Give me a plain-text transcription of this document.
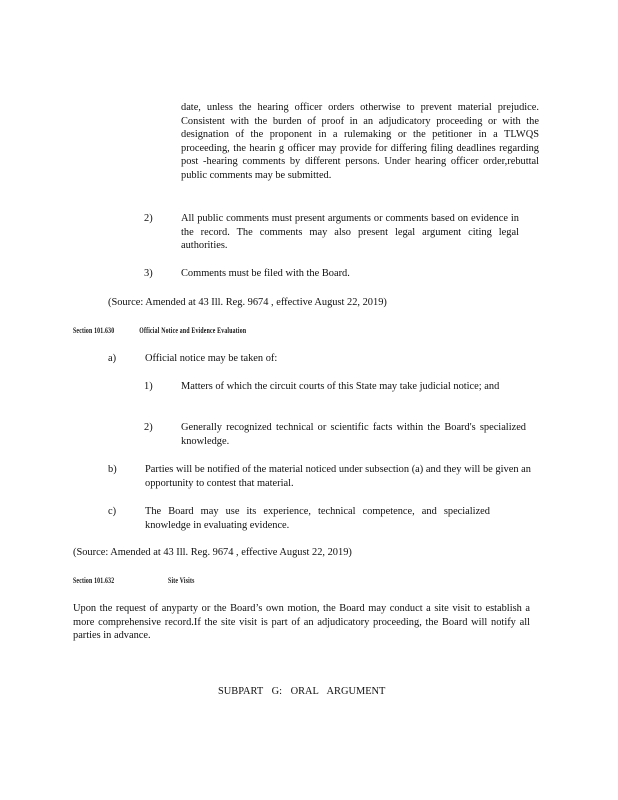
date, unless the hearing officer orders otherwise to prevent material prejudice. Consistent with the burden of proof in an adjudicatory proceeding or with the designation of the proponent in a rulemaking or the petitioner in a TLWQS proceeding, the hearin g officer may provide for differing filing deadlines regarding post -hearing comments by different persons. Under hearing officer order,rebuttal public comments may be submitted.

2)	All public comments must present arguments or comments based on evidence in the record. The comments may also present legal argument citing legal authorities.

3)	Comments must be filed with the Board.

(Source: Amended at 43 Ill. Reg. 9674 , effective August 22, 2019)

Section 101.630	Official Notice and Evidence Evaluation
a)	Official notice may be taken of:

1)	Matters of which the circuit courts of this State may take judicial notice; and

2)	Generally recognized technical or scientific facts within the Board's specialized knowledge.

b)	Parties will be notified of the material noticed under subsection (a) and they will be given an opportunity to contest that material.

c)	The Board may use its experience, technical competence, and specialized knowledge in evaluating evidence.

(Source: Amended at 43 Ill. Reg. 9674 , effective August 22, 2019)

Section 101.632	Site Visits

Upon the request of anyparty or the Board’s own motion, the Board may conduct a site visit to establish a more comprehensive record.If the site visit is part of an adjudicatory proceeding, the Board will notify all parties in advance.

SUBPART G: ORAL ARGUMENT
